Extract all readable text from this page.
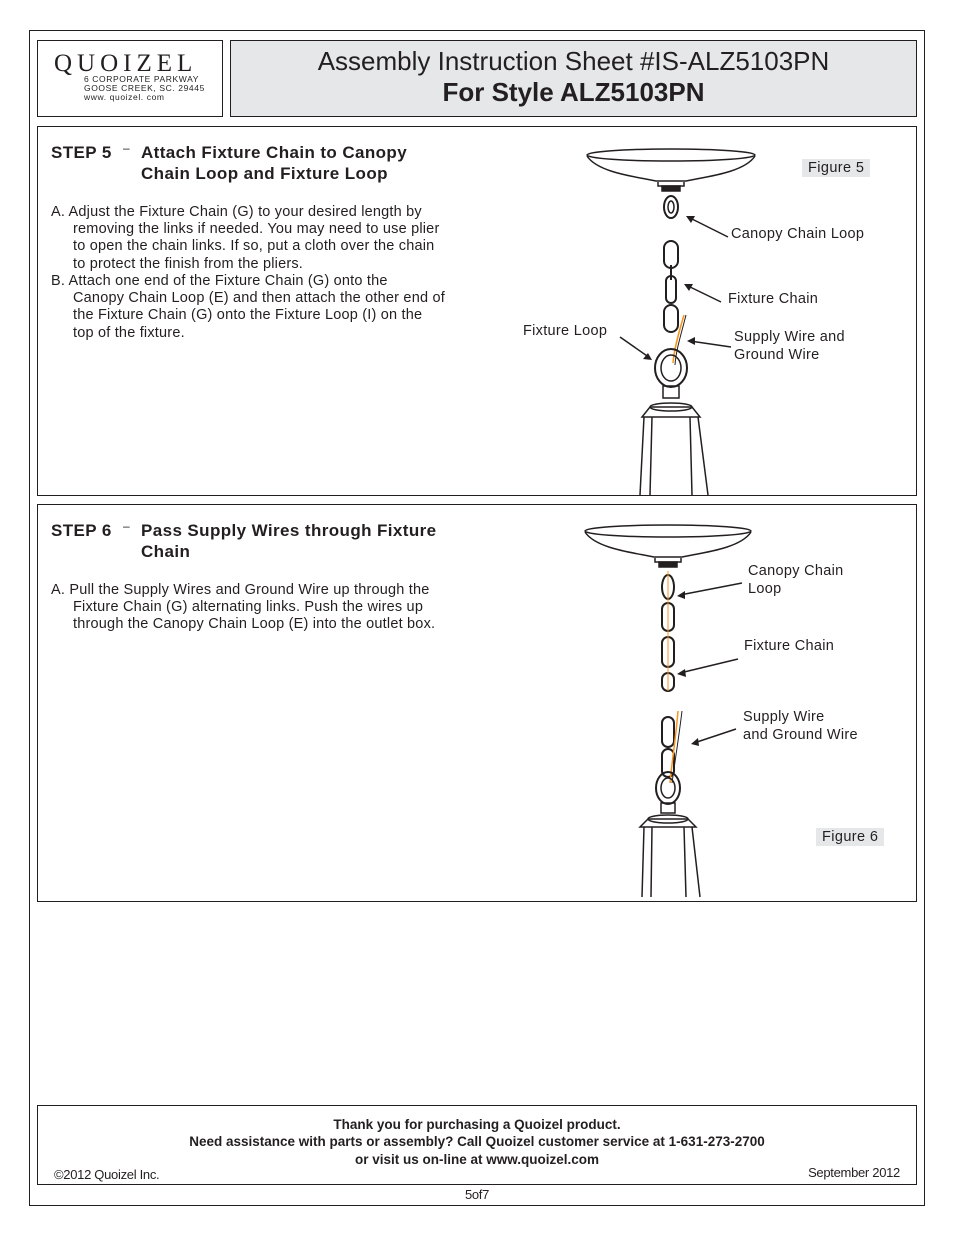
QUOIZEL
6 CORPORATE PARKWAY
GOOSE CREEK, SC. 29445
www. quoizel. com
Assembly Instruction Sheet #IS-ALZ5103PN
For Style ALZ5103PN
STEP 5 – Attach Fixture Chain to Canopy
Chain Loop and Fixture Loop
A. Adjust the Fixture Chain (G) to your desired length by
removing the links if needed. You may need to use plier
to open the chain links. If so, put a cloth over the chain
to protect the finish from the pliers.
B. Attach one end of the Fixture Chain (G) onto the
Canopy Chain Loop (E) and then attach the other end of
the Fixture Chain (G) onto the Fixture Loop (I) on the
top of the fixture.
Figure 5
Canopy Chain Loop
Fixture Chain
Fixture Loop	Supply Wire and
Ground Wire
STEP 6 – Pass Supply Wires through Fixture
Chain
A. Pull the Supply Wires and Ground Wire up through the
Fixture Chain (G) alternating links. Push the wires up
through the Canopy Chain Loop (E) into the outlet box.
Canopy Chain
Loop
Fixture Chain
Supply Wire
and Ground Wire
Figure 6
Thank you for purchasing a Quoizel product.
Need assistance with parts or assembly? Call Quoizel customer service at 1-631-273-2700
or visit us on-line at www.quoizel.com
©2012 Quoizel Inc.	September 2012
5of7
